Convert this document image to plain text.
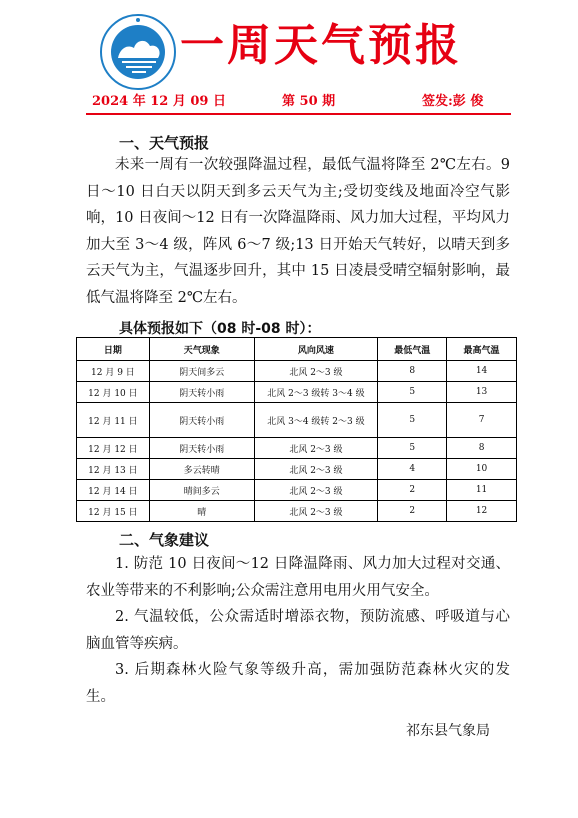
一周天气预报
2024 年 12 月 09 日	第 50 期	签发:彭 俊
一、天气预报

未来一周有一次较强降温过程，最低气温将降至 2℃左右。9 日～10 日白天以阴天到多云天气为主;受切变线及地面冷空气影响，10 日夜间～12 日有一次降温降雨、风力加大过程，平均风力加大至 3～4 级，阵风 6～7 级;13 日开始天气转好，以晴天到多云天气为主，气温逐步回升，其中 15 日凌晨受晴空辐射影响，最低气温将降至 2℃左右。

具体预报如下（08 时-08 时）：
日期	天气现象	风向风速	最低气温	最高气温
12 月 9 日	阴天间多云	北风 2～3 级	8	14
12 月 10 日	阴天转小雨	北风 2～3 级转 3～4 级	5	13
12 月 11 日	阴天转小雨	北风 3～4 级转 2～3 级	5	7
12 月 12 日	阴天转小雨	北风 2～3 级	5	8
12 月 13 日	多云转晴	北风 2～3 级	4	10
12 月 14 日	晴间多云	北风 2～3 级	2	11
12 月 15 日	晴	北风 2～3 级	2	12
二、气象建议

1. 防范 10 日夜间～12 日降温降雨、风力加大过程对交通、农业等带来的不利影响;公众需注意用电用火用气安全。

2. 气温较低，公众需适时增添衣物，预防流感、呼吸道与心脑血管等疾病。

3. 后期森林火险气象等级升高，需加强防范森林火灾的发生。

祁东县气象局
